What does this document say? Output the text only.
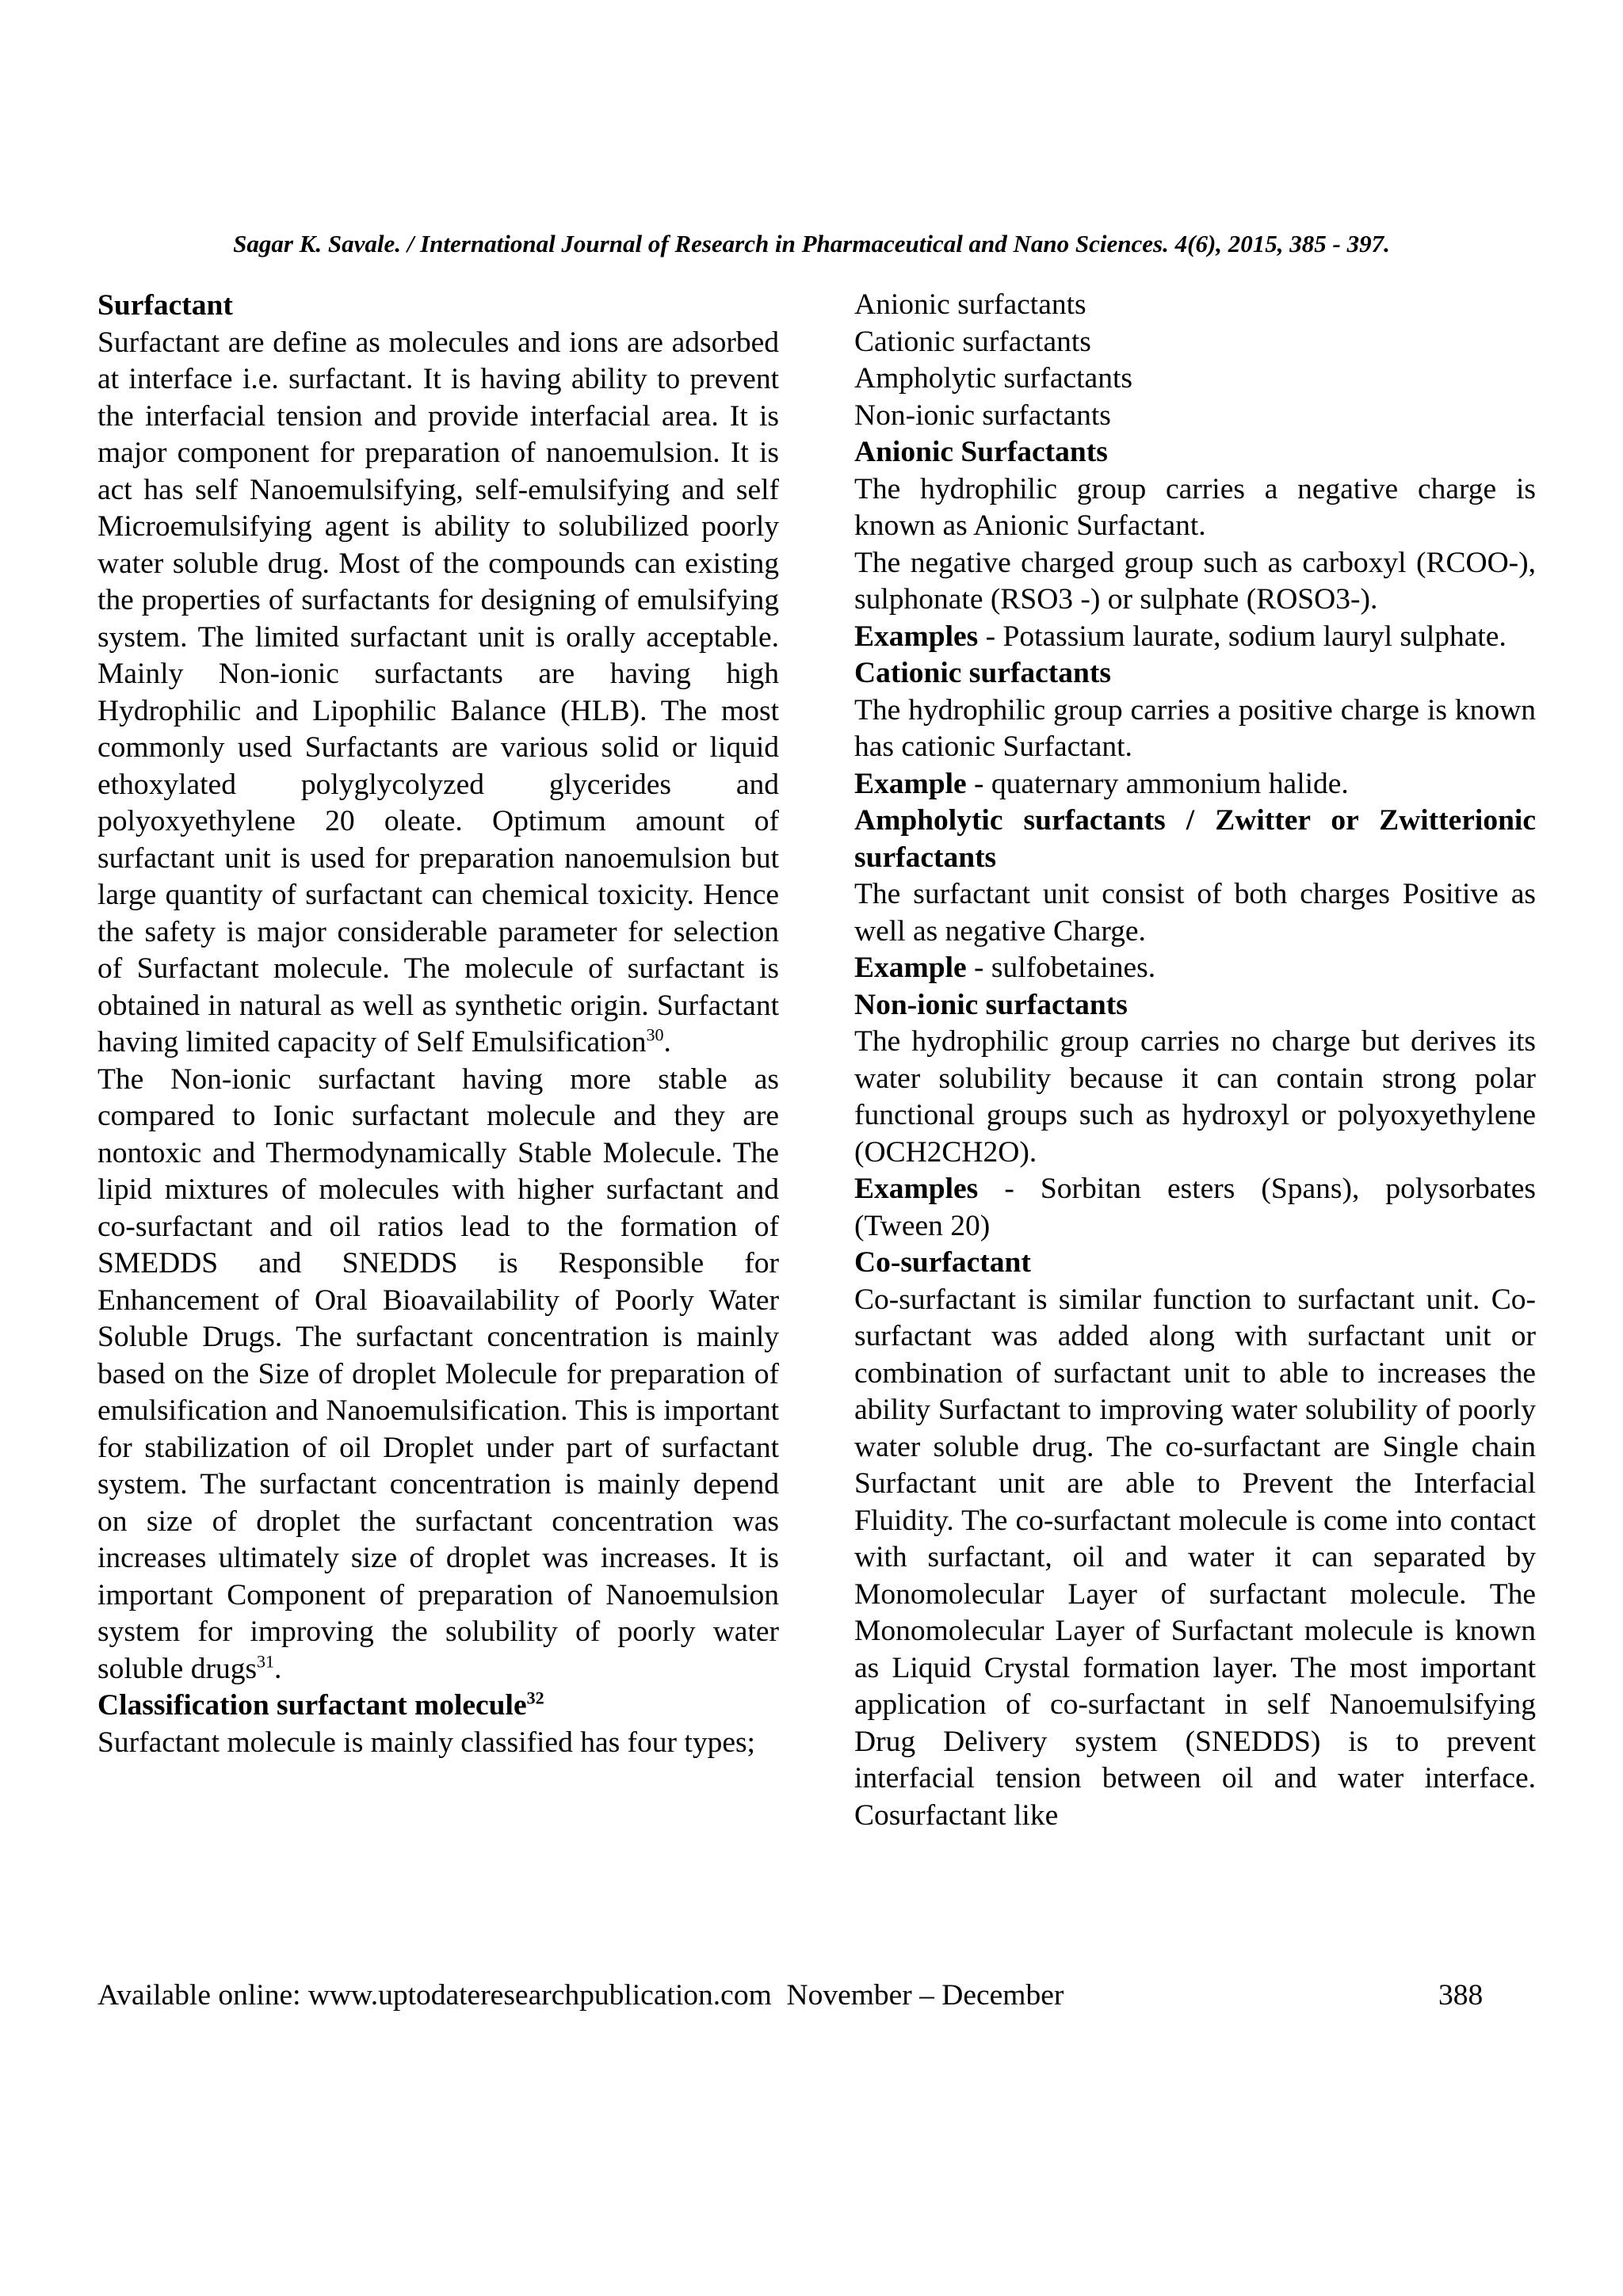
Sagar K. Savale. / International Journal of Research in Pharmaceutical and Nano Sciences. 4(6), 2015, 385 - 397.
Surfactant

Surfactant are define as molecules and ions are adsorbed at interface i.e. surfactant. It is having ability to prevent the interfacial tension and provide interfacial area. It is major component for preparation of nanoemulsion. It is act has self Nanoemulsifying, self-emulsifying and self Microemulsifying agent is ability to solubilized poorly water soluble drug. Most of the compounds can existing the properties of surfactants for designing of emulsifying system. The limited surfactant unit is orally acceptable. Mainly Non-ionic surfactants are having high Hydrophilic and Lipophilic Balance (HLB). The most commonly used Surfactants are various solid or liquid ethoxylated polyglycolyzed glycerides and polyoxyethylene 20 oleate. Optimum amount of surfactant unit is used for preparation nanoemulsion but large quantity of surfactant can chemical toxicity. Hence the safety is major considerable parameter for selection of Surfactant molecule. The molecule of surfactant is obtained in natural as well as synthetic origin. Surfactant having limited capacity of Self Emulsification$^{30}$.

The Non-ionic surfactant having more stable as compared to Ionic surfactant molecule and they are nontoxic and Thermodynamically Stable Molecule. The lipid mixtures of molecules with higher surfactant and co-surfactant and oil ratios lead to the formation of SMEDDS and SNEDDS is Responsible for Enhancement of Oral Bioavailability of Poorly Water Soluble Drugs. The surfactant concentration is mainly based on the Size of droplet Molecule for preparation of emulsification and Nanoemulsification. This is important for stabilization of oil Droplet under part of surfactant system. The surfactant concentration is mainly depend on size of droplet the surfactant concentration was increases ultimately size of droplet was increases. It is important Component of preparation of Nanoemulsion system for improving the solubility of poorly water soluble drugs$^{31}$.

Classification surfactant molecule$^{32}$

Surfactant molecule is mainly classified has four types;

Anionic surfactants

Cationic surfactants

Ampholytic surfactants

Non-ionic surfactants

Anionic Surfactants

The hydrophilic group carries a negative charge is known as Anionic Surfactant.

The negative charged group such as carboxyl (RCOO-), sulphonate (RSO3 -) or sulphate (ROSO3-).

Examples - Potassium laurate, sodium lauryl sulphate.

Cationic surfactants

The hydrophilic group carries a positive charge is known has cationic Surfactant.

Example - quaternary ammonium halide.

Ampholytic surfactants / Zwitter or Zwitterionic surfactants

The surfactant unit consist of both charges Positive as well as negative Charge.

Example - sulfobetaines.

Non-ionic surfactants

The hydrophilic group carries no charge but derives its water solubility because it can contain strong polar functional groups such as hydroxyl or polyoxyethylene (OCH2CH2O).

Examples - Sorbitan esters (Spans), polysorbates (Tween 20)

Co-surfactant

Co-surfactant is similar function to surfactant unit. Co-surfactant was added along with surfactant unit or combination of surfactant unit to able to increases the ability Surfactant to improving water solubility of poorly water soluble drug. The co-surfactant are Single chain Surfactant unit are able to Prevent the Interfacial Fluidity. The co-surfactant molecule is come into contact with surfactant, oil and water it can separated by Monomolecular Layer of surfactant molecule. The Monomolecular Layer of Surfactant molecule is known as Liquid Crystal formation layer. The most important application of co-surfactant in self Nanoemulsifying Drug Delivery system (SNEDDS) is to prevent interfacial tension between oil and water interface. Cosurfactant like

Available online: www.uptodateresearchpublication.com November – December	388
